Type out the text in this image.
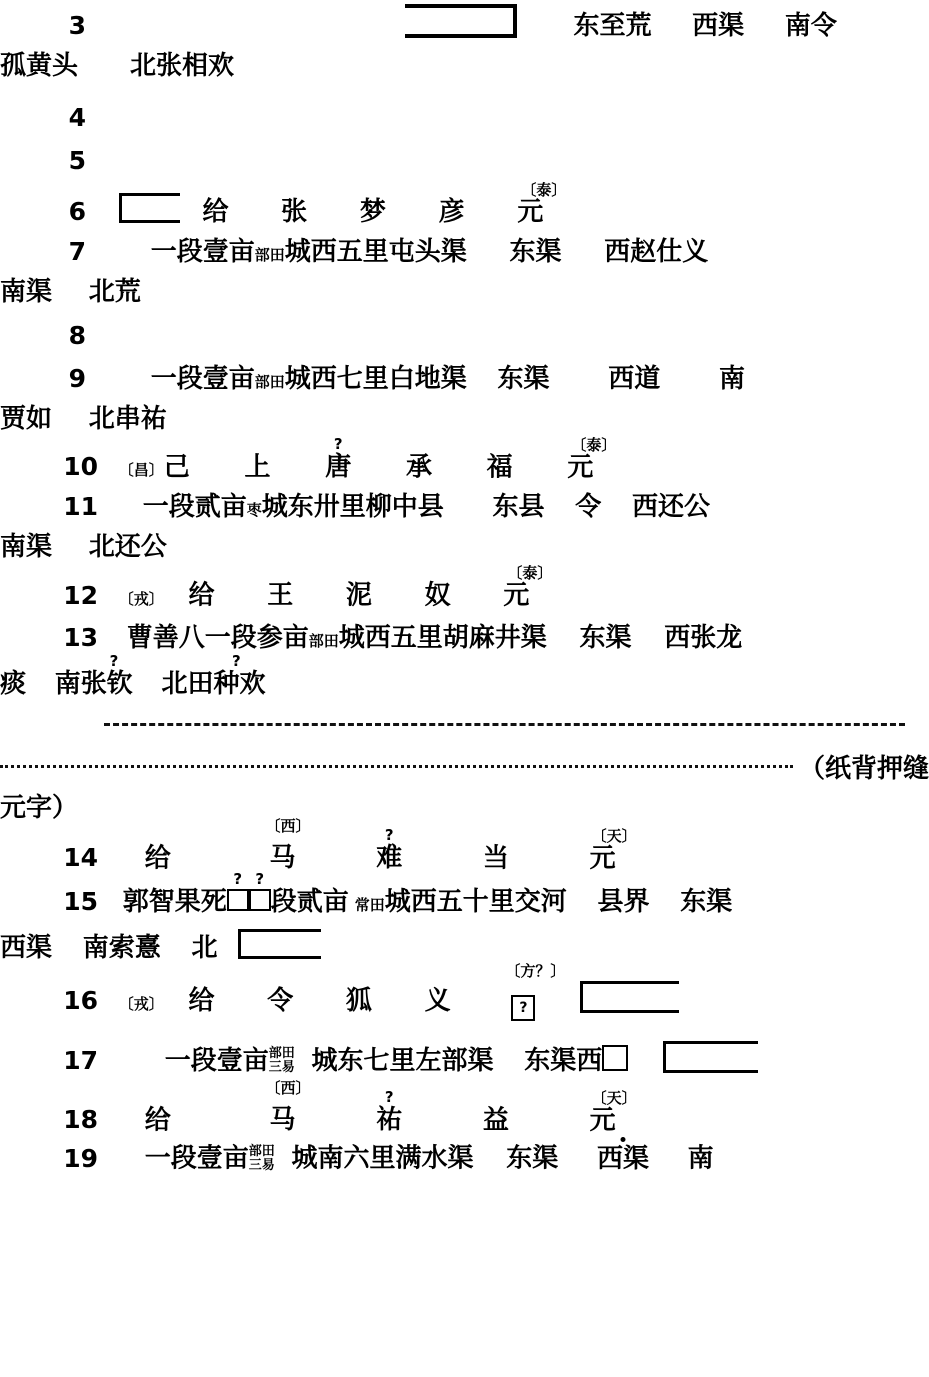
3	东至荒 西渠 南令
孤黄头　　北张相欢
4
5
6	给 张 梦 彦 元〔泰〕
7 一段壹亩部田城西五里屯头渠 东渠 西赵仕义
南渠 北荒
8
9 一段壹亩部田城西七里白地渠 东渠 西道 南
贾如 北串祐
10 〔昌〕己 上
?
唐 承 福 元〔泰〕
11 一段贰亩枣城东卅里柳中县 东县 令 西还公
南渠 北还公
12 〔戎〕 给 王 泥 奴 元〔泰〕
13 曹善八一段参亩部田城西五里胡麻井渠 东渠 西张龙
痰
?
南张钦
?
北田种欢
（纸背押缝
元字）
14 给
〔西〕
马
?
难	当	元〔天〕
15 郭智果死
? ?
段贰亩 常田城西五十里交河 县界 东渠
西渠 南索憙 北
16 〔戎〕 给 令 狐 义
〔方？〕
?
17	一段壹亩 部田
三易 城东七里左部渠 东渠西
18 给
〔西〕
马
?
祐	益	元〔天〕
19 一段壹亩 部田
三易 城南六里满水渠 东渠 西渠 南
